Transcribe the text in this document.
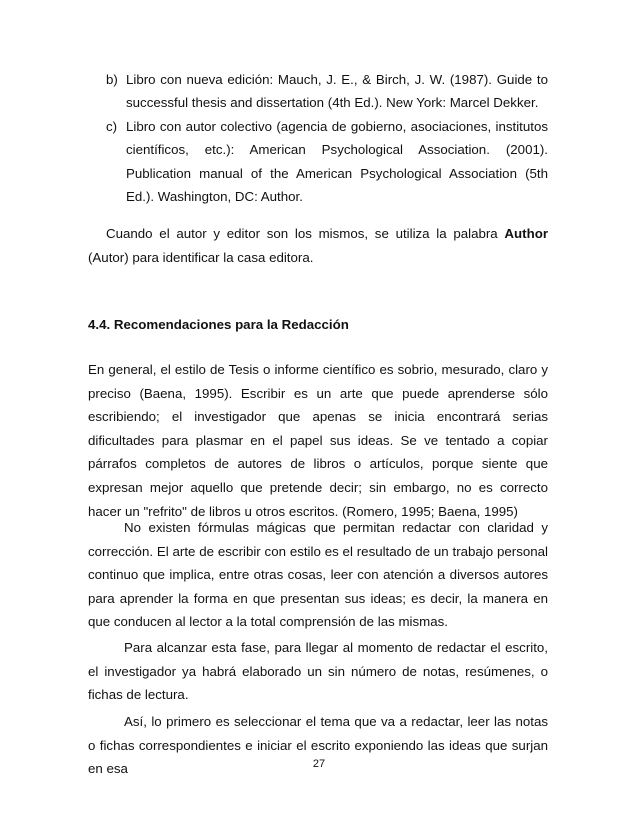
b) Libro con nueva edición: Mauch, J. E., & Birch, J. W. (1987). Guide to successful thesis and dissertation (4th Ed.). New York: Marcel Dekker.
c) Libro con autor colectivo (agencia de gobierno, asociaciones, institutos científicos, etc.): American Psychological Association. (2001). Publication manual of the American Psychological Association (5th Ed.). Washington, DC: Author.

Cuando el autor y editor son los mismos, se utiliza la palabra Author (Autor) para identificar la casa editora.

4.4. Recomendaciones para la Redacción

En general, el estilo de Tesis o informe científico es sobrio, mesurado, claro y preciso (Baena, 1995). Escribir es un arte que puede aprenderse sólo escribiendo; el investigador que apenas se inicia encontrará serias dificultades para plasmar en el papel sus ideas. Se ve tentado a copiar párrafos completos de autores de libros o artículos, porque siente que expresan mejor aquello que pretende decir; sin embargo, no es correcto hacer un "refrito" de libros u otros escritos. (Romero, 1995; Baena, 1995)

No existen fórmulas mágicas que permitan redactar con claridad y corrección. El arte de escribir con estilo es el resultado de un trabajo personal continuo que implica, entre otras cosas, leer con atención a diversos autores para aprender la forma en que presentan sus ideas; es decir, la manera en que conducen al lector a la total comprensión de las mismas.

Para alcanzar esta fase, para llegar al momento de redactar el escrito, el investigador ya habrá elaborado un sin número de notas, resúmenes, o fichas de lectura.

Así, lo primero es seleccionar el tema que va a redactar, leer las notas o fichas correspondientes e iniciar el escrito exponiendo las ideas que surjan en esa	27
